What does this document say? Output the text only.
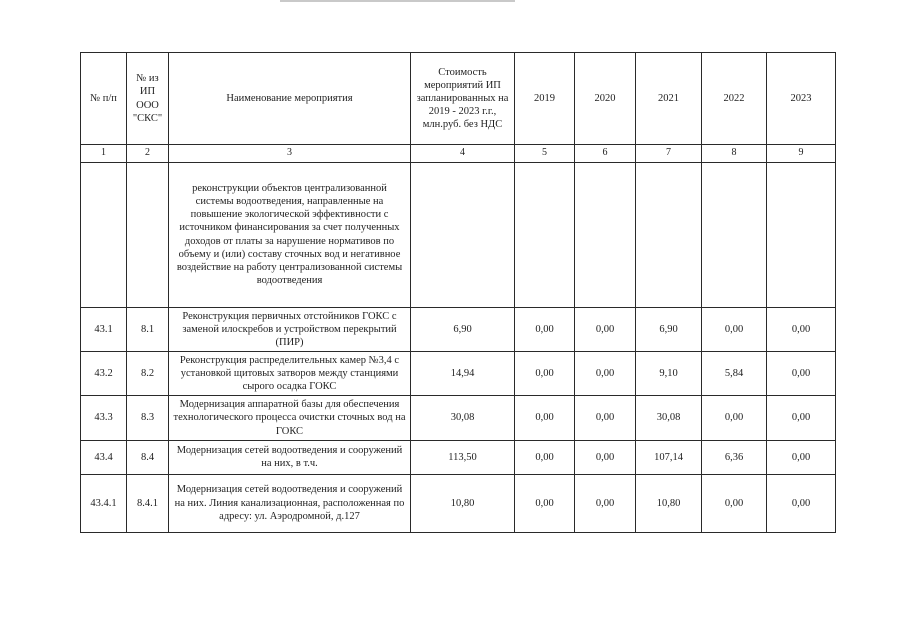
№ п/п	№ из ИП ООО "СКС"	Наименование мероприятия	Стоимость мероприятий ИП запланированных на 2019 - 2023 г.г., млн.руб. без НДС	2019	2020	2021	2022	2023
1	2	3	4	5	6	7	8	9
		реконструкции объектов централизованной системы водоотведения, направленные на повышение экологической эффективности с источником финансирования за счет полученных доходов от платы за нарушение нормативов по объему и (или) составу сточных вод и негативное воздействие на работу централизованной системы водоотведения						
43.1	8.1	Реконструкция первичных отстойников ГОКС с заменой илоскребов и устройством перекрытий (ПИР)	6,90	0,00	0,00	6,90	0,00	0,00
43.2	8.2	Реконструкция распределительных камер №3,4 с установкой щитовых затворов между станциями сырого осадка ГОКС	14,94	0,00	0,00	9,10	5,84	0,00
43.3	8.3	Модернизация аппаратной базы для обеспечения технологического процесса очистки сточных вод на ГОКС	30,08	0,00	0,00	30,08	0,00	0,00
43.4	8.4	Модернизация сетей водоотведения и сооружений на них, в т.ч.	113,50	0,00	0,00	107,14	6,36	0,00
43.4.1	8.4.1	Модернизация сетей водоотведения и сооружений на них. Линия канализационная, расположенная по адресу: ул. Аэродромной, д.127	10,80	0,00	0,00	10,80	0,00	0,00
